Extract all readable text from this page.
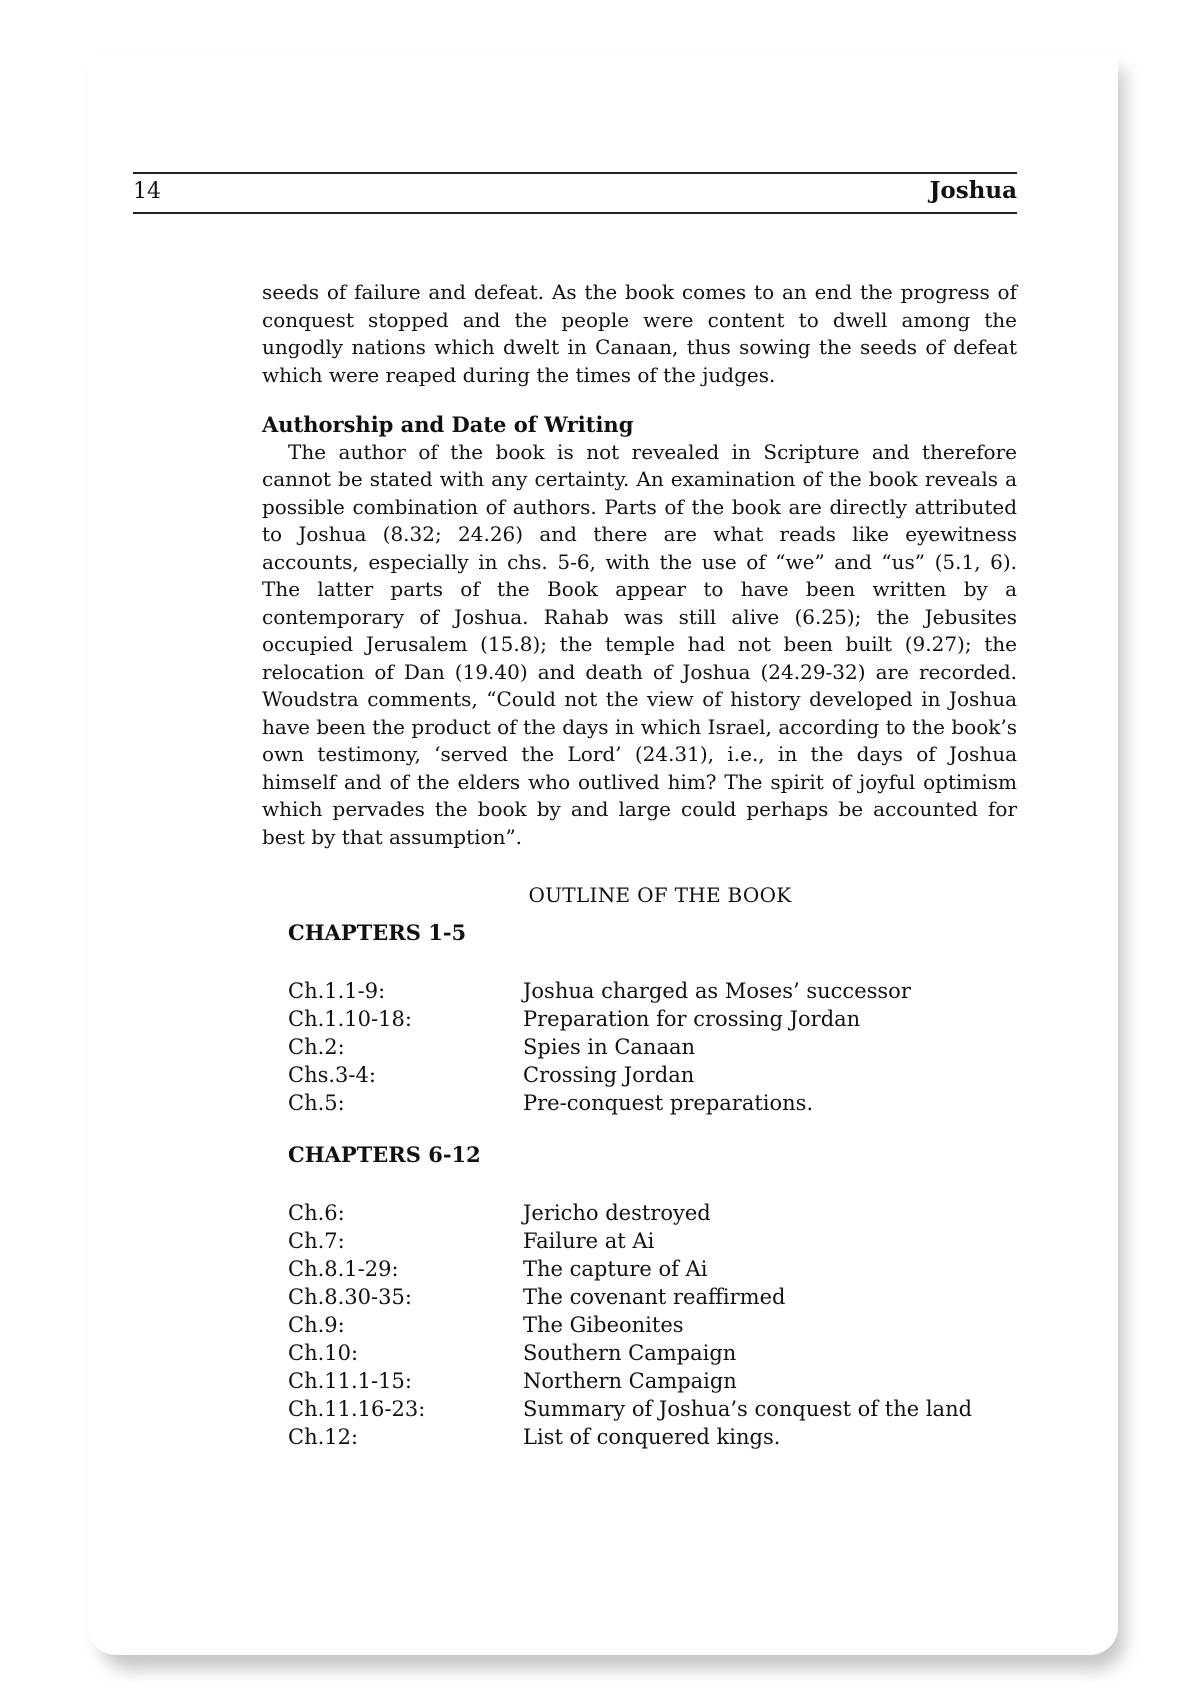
14	Joshua

seeds of failure and defeat. As the book comes to an end the progress of conquest stopped and the people were content to dwell among the ungodly nations which dwelt in Canaan, thus sowing the seeds of defeat which were reaped during the times of the judges.

Authorship and Date of Writing

The author of the book is not revealed in Scripture and therefore cannot be stated with any certainty. An examination of the book reveals a possible combination of authors. Parts of the book are directly attributed to Joshua (8.32; 24.26) and there are what reads like eyewitness accounts, especially in chs. 5-6, with the use of “we” and “us” (5.1, 6). The latter parts of the Book appear to have been written by a contemporary of Joshua. Rahab was still alive (6.25); the Jebusites occupied Jerusalem (15.8); the temple had not been built (9.27); the relocation of Dan (19.40) and death of Joshua (24.29-32) are recorded. Woudstra comments, “Could not the view of history developed in Joshua have been the product of the days in which Israel, according to the book’s own testimony, ‘served the Lord’ (24.31), i.e., in the days of Joshua himself and of the elders who outlived him? The spirit of joyful optimism which pervades the book by and large could perhaps be accounted for best by that assumption”.

OUTLINE OF THE BOOK
CHAPTERS 1-5
Ch.1.1-9:	Joshua charged as Moses’ successor
Ch.1.10-18:	Preparation for crossing Jordan
Ch.2:	Spies in Canaan
Chs.3-4:	Crossing Jordan
Ch.5:	Pre-conquest preparations.
CHAPTERS 6-12
Ch.6:	Jericho destroyed
Ch.7:	Failure at Ai
Ch.8.1-29:	The capture of Ai
Ch.8.30-35:	The covenant reaffirmed
Ch.9:	The Gibeonites
Ch.10:	Southern Campaign
Ch.11.1-15:	Northern Campaign
Ch.11.16-23:	Summary of Joshua’s conquest of the land
Ch.12:	List of conquered kings.
